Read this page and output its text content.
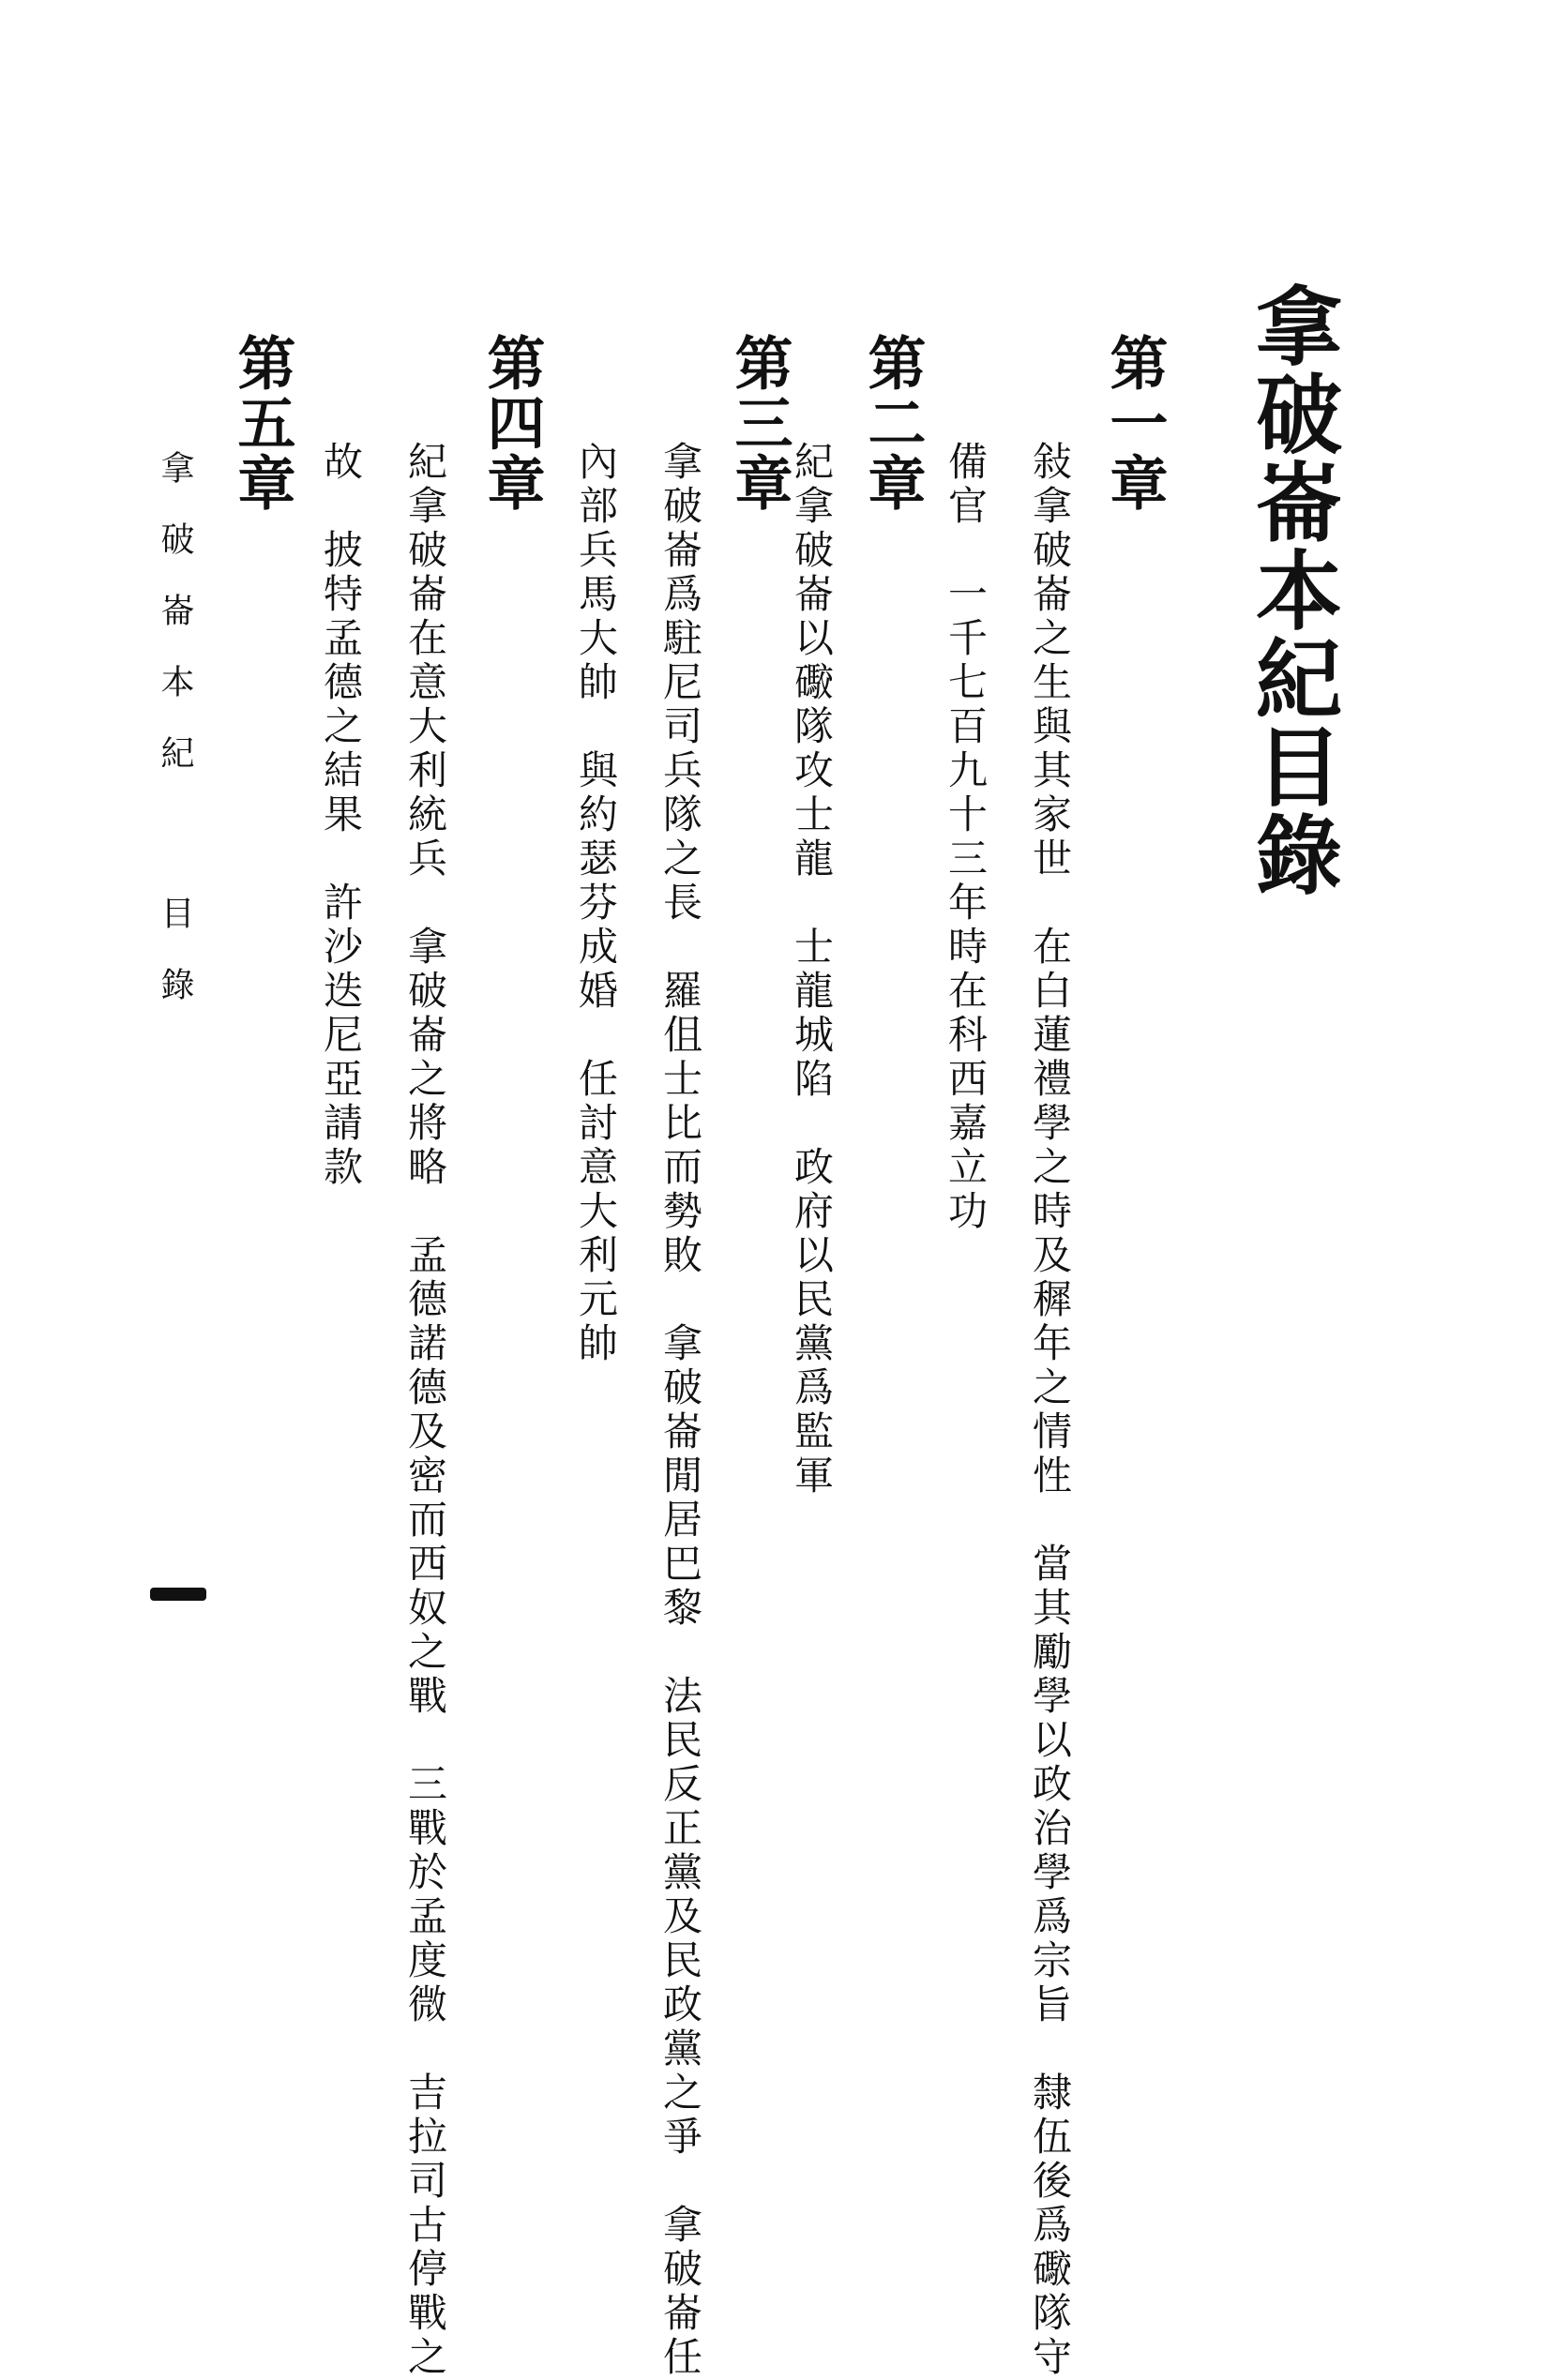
拿破崙本紀目錄
第一章
敍拿破崙之生與其家世　在白蓮禮學之時及穉年之情性　當其勵學以政治學爲宗旨　隸伍後爲礮隊守
備官　一千七百九十三年時在科西嘉立功
第二章
紀拿破崙以礮隊攻士龍　士龍城陷　政府以民黨爲監軍
第三章
拿破崙爲駐尼司兵隊之長　羅伹士比而勢敗　拿破崙閒居巴黎　法民反正黨及民政黨之爭　拿破崙任
內部兵馬大帥　與約瑟芬成婚　任討意大利元帥
第四章
紀拿破崙在意大利統兵　拿破崙之將略　孟德諾德及密而西奴之戰　三戰於孟度微　吉拉司古停戰之
故　披特孟德之結果　許沙迭尼亞請款
第五章
拿破崙本紀
目錄
